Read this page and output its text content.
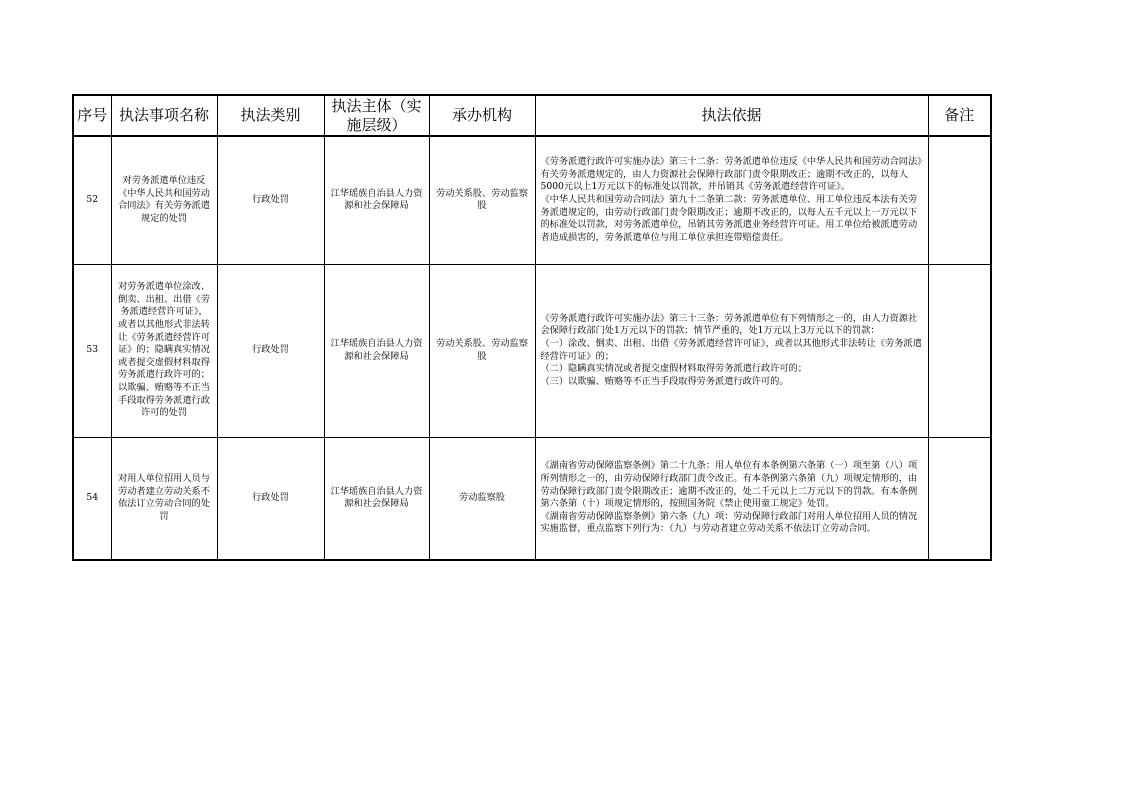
序号	执法事项名称	执法类别	执法主体（实施层级）	承办机构	执法依据	备注
52	对劳务派遣单位违反《中华人民共和国劳动合同法》有关劳务派遣规定的处罚	行政处罚	江华瑶族自治县人力资源和社会保障局	劳动关系股、劳动监察股	《劳务派遣行政许可实施办法》第三十二条：劳务派遣单位违反《中华人民共和国劳动合同法》有关劳务派遣规定的，由人力资源社会保障行政部门责令限期改正；逾期不改正的，以每人5000元以上1万元以下的标准处以罚款，并吊销其《劳务派遣经营许可证》。
《中华人民共和国劳动合同法》第九十二条第二款：劳务派遣单位、用工单位违反本法有关劳务派遣规定的，由劳动行政部门责令限期改正；逾期不改正的，以每人五千元以上一万元以下的标准处以罚款，对劳务派遣单位，吊销其劳务派遣业务经营许可证。用工单位给被派遣劳动者造成损害的，劳务派遣单位与用工单位承担连带赔偿责任。	

53	对劳务派遣单位涂改、倒卖、出租、出借《劳务派遣经营许可证》，或者以其他形式非法转让《劳务派遣经营许可证》的；隐瞒真实情况或者提交虚假材料取得劳务派遣行政许可的；以欺骗、贿赂等不正当手段取得劳务派遣行政许可的处罚	行政处罚	江华瑶族自治县人力资源和社会保障局	劳动关系股、劳动监察股	《劳务派遣行政许可实施办法》第三十三条：劳务派遣单位有下列情形之一的，由人力资源社会保障行政部门处1万元以下的罚款；情节严重的，处1万元以上3万元以下的罚款：
（一）涂改、倒卖、出租、出借《劳务派遣经营许可证》，或者以其他形式非法转让《劳务派遣经营许可证》的；
（二）隐瞒真实情况或者提交虚假材料取得劳务派遣行政许可的；
（三）以欺骗、贿赂等不正当手段取得劳务派遣行政许可的。	

54	对用人单位招用人员与劳动者建立劳动关系不依法订立劳动合同的处罚	行政处罚	江华瑶族自治县人力资源和社会保障局	劳动监察股	《湖南省劳动保障监察条例》第二十九条：用人单位有本条例第六条第（一）项至第（八）项所列情形之一的，由劳动保障行政部门责令改正。有本条例第六条第（九）项规定情形的，由劳动保障行政部门责令限期改正；逾期不改正的，处二千元以上二万元以下的罚款。有本条例第六条第（十）项规定情形的，按照国务院《禁止使用童工规定》处罚。
《湖南省劳动保障监察条例》第六条（九）项：劳动保障行政部门对用人单位招用人员的情况实施监督，重点监察下列行为：（九）与劳动者建立劳动关系不依法订立劳动合同。	
